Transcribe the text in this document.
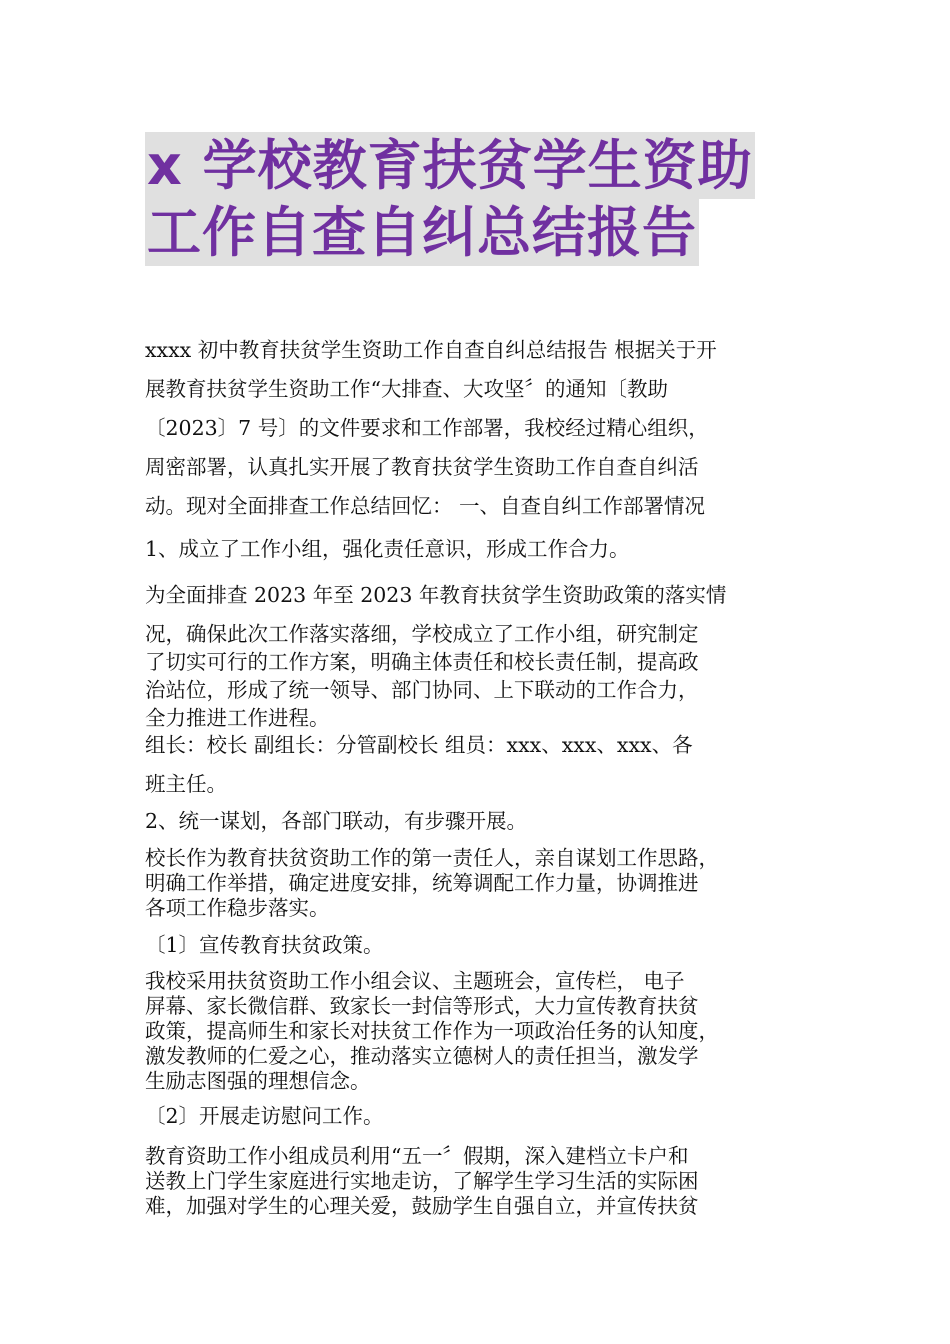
x 学校教育扶贫学生资助
工作自查自纠总结报告
xxxx 初中教育扶贫学生资助工作自查自纠总结报告 根据关于开
展教育扶贫学生资助工作“大排查、大攻坚〞的通知〔教助
〔2023〕7 号〕的文件要求和工作部署，我校经过精心组织，
周密部署，认真扎实开展了教育扶贫学生资助工作自查自纠活
动。现对全面排查工作总结回忆： 一、自查自纠工作部署情况
1、成立了工作小组，强化责任意识，形成工作合力。
为全面排查 2023 年至 2023 年教育扶贫学生资助政策的落实情
况，确保此次工作落实落细，学校成立了工作小组，研究制定
了切实可行的工作方案，明确主体责任和校长责任制，提高政
治站位，形成了统一领导、部门协同、上下联动的工作合力，
全力推进工作进程。
组长：校长 副组长：分管副校长 组员：xxx、xxx、xxx、各
班主任。
2、统一谋划，各部门联动，有步骤开展。
校长作为教育扶贫资助工作的第一责任人，亲自谋划工作思路，
明确工作举措，确定进度安排，统筹调配工作力量，协调推进
各项工作稳步落实。
〔1〕宣传教育扶贫政策。
我校采用扶贫资助工作小组会议、主题班会，宣传栏， 电子
屏幕、家长微信群、致家长一封信等形式，大力宣传教育扶贫
政策，提高师生和家长对扶贫工作作为一项政治任务的认知度，
激发教师的仁爱之心，推动落实立德树人的责任担当，激发学
生励志图强的理想信念。
〔2〕开展走访慰问工作。
教育资助工作小组成员利用“五一〞假期，深入建档立卡户和
送教上门学生家庭进行实地走访，了解学生学习生活的实际困
难，加强对学生的心理关爱，鼓励学生自强自立，并宣传扶贫
